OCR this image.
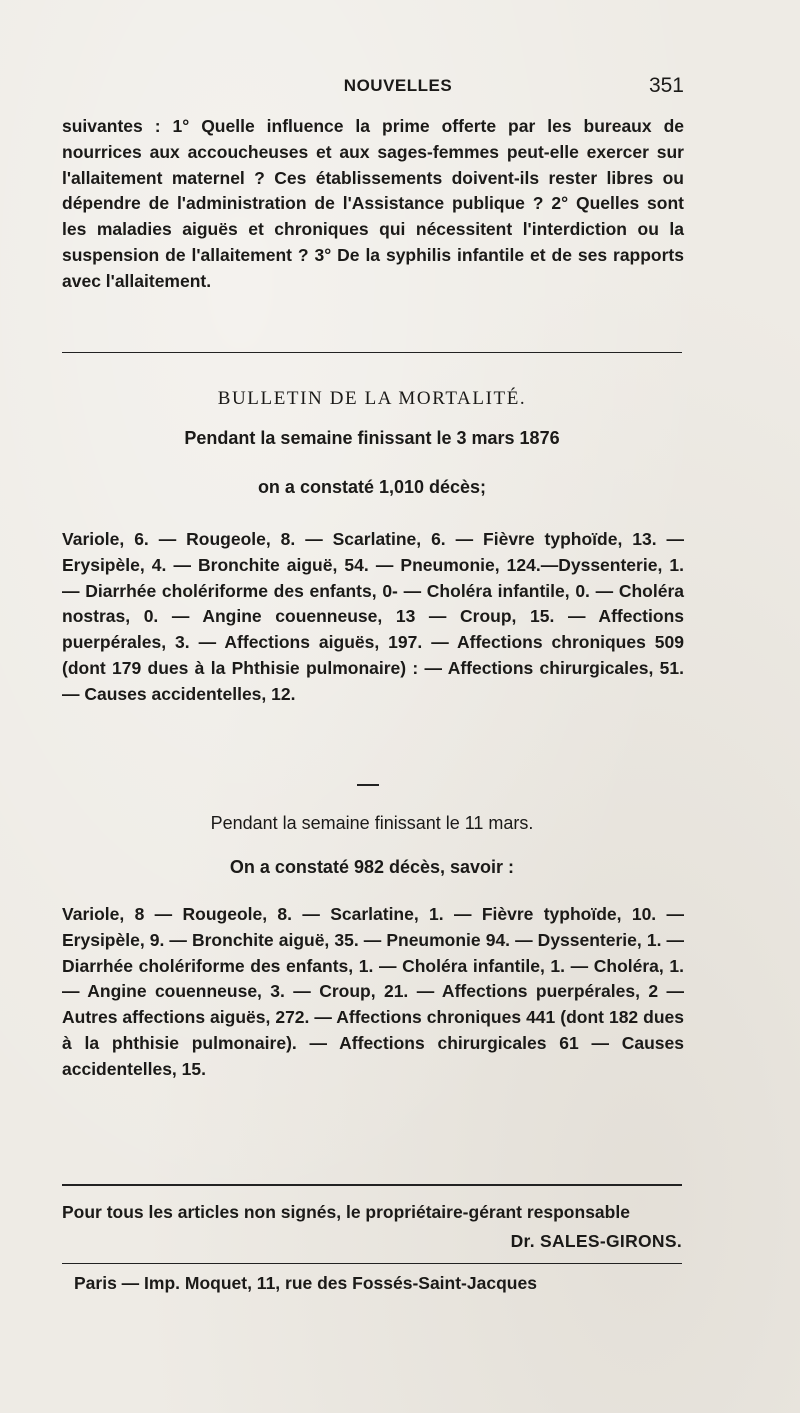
NOUVELLES	351

suivantes : 1° Quelle influence la prime offerte par les bureaux de nourrices aux accoucheuses et aux sages-femmes peut-elle exercer sur l'allaitement maternel ? Ces établissements doivent-ils rester libres ou dépendre de l'administration de l'Assistance publique ? 2° Quelles sont les maladies aiguës et chroniques qui nécessitent l'interdiction ou la suspension de l'allaitement ? 3° De la syphilis infantile et de ses rapports avec l'allaitement.

BULLETIN DE LA MORTALITÉ.
Pendant la semaine finissant le 3 mars 1876
on a constaté 1,010 décès;

Variole, 6. — Rougeole, 8. — Scarlatine, 6. — Fièvre typhoïde, 13. — Erysipèle, 4. — Bronchite aiguë, 54. — Pneumonie, 124.—Dyssenterie, 1. — Diarrhée cholériforme des enfants, 0- — Choléra infantile, 0. — Choléra nostras, 0. — Angine couenneuse, 13 — Croup, 15. — Affections puerpérales, 3. — Affections aiguës, 197. — Affections chroniques 509 (dont 179 dues à la Phthisie pulmonaire) : — Affections chirurgicales, 51. — Causes accidentelles, 12.

Pendant la semaine finissant le 11 mars.
On a constaté 982 décès, savoir :

Variole, 8 — Rougeole, 8. — Scarlatine, 1. — Fièvre typhoïde, 10. — Erysipèle, 9. — Bronchite aiguë, 35. — Pneumonie 94. — Dyssenterie, 1. — Diarrhée cholériforme des enfants, 1. — Choléra infantile, 1. — Choléra, 1. — Angine couenneuse, 3. — Croup, 21. — Affections puerpérales, 2 — Autres affections aiguës, 272. — Affections chroniques 441 (dont 182 dues à la phthisie pulmonaire). — Affections chirurgicales 61 — Causes accidentelles, 15.

Pour tous les articles non signés, le propriétaire-gérant responsable

Dr. SALES-GIRONS.
Paris — Imp. Moquet, 11, rue des Fossés-Saint-Jacques
